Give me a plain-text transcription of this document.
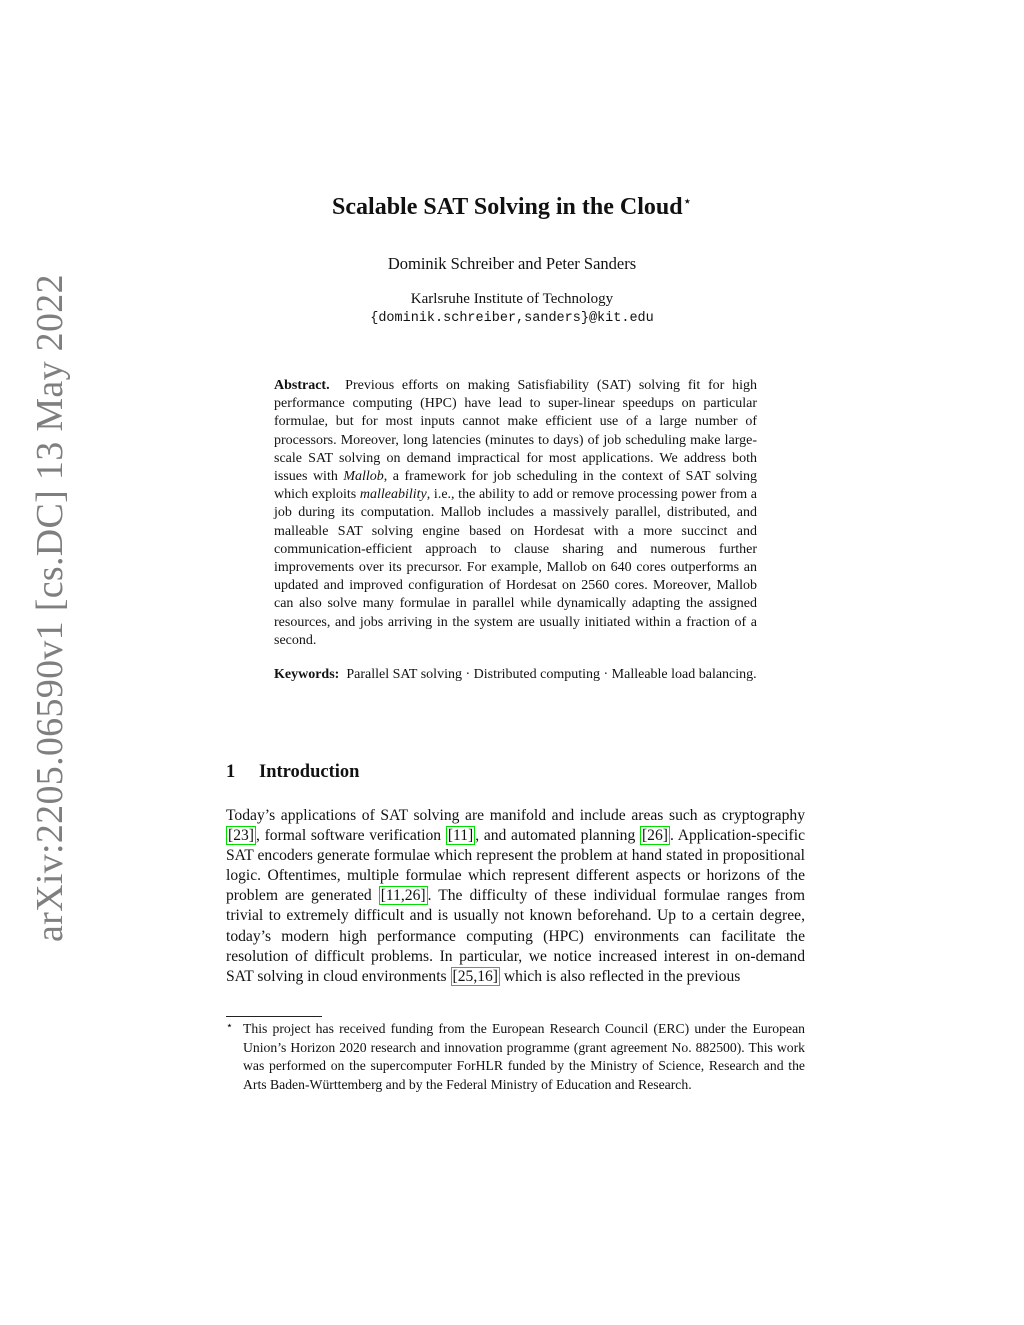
arXiv:2205.06590v1 [cs.DC] 13 May 2022
Scalable SAT Solving in the Cloud⋆
Dominik Schreiber and Peter Sanders
Karlsruhe Institute of Technology
{dominik.schreiber,sanders}@kit.edu

Abstract. Previous efforts on making Satisfiability (SAT) solving fit for high performance computing (HPC) have lead to super-linear speedups on particular formulae, but for most inputs cannot make efficient use of a large number of processors. Moreover, long latencies (minutes to days) of job scheduling make large-scale SAT solving on demand impractical for most applications. We address both issues with Mallob, a framework for job scheduling in the context of SAT solving which exploits malleability, i.e., the ability to add or remove processing power from a job during its computation. Mallob includes a massively parallel, distributed, and malleable SAT solving engine based on Hordesat with a more succinct and communication-efficient approach to clause sharing and numerous further improvements over its precursor. For example, Mallob on 640 cores outperforms an updated and improved configuration of Hordesat on 2560 cores. Moreover, Mallob can also solve many formulae in parallel while dynamically adapting the assigned resources, and jobs arriving in the system are usually initiated within a fraction of a second.

Keywords: Parallel SAT solving · Distributed computing · Malleable load balancing.

1 Introduction

Today’s applications of SAT solving are manifold and include areas such as cryptography [23] , formal software verification [11] , and automated planning [26] . Application-specific SAT encoders generate formulae which represent the problem at hand stated in propositional logic. Oftentimes, multiple formulae which represent different aspects or horizons of the problem are generated [11,26] . The difficulty of these individual formulae ranges from trivial to extremely difficult and is usually not known beforehand. Up to a certain degree, today’s modern high performance computing (HPC) environments can facilitate the resolution of difficult problems. In particular, we notice increased interest in on-demand SAT solving in cloud environments [25,16] which is also reflected in the previous

⋆ This project has received funding from the European Research Council (ERC) under the European Union’s Horizon 2020 research and innovation programme (grant agreement No. 882500). This work was performed on the supercomputer ForHLR funded by the Ministry of Science, Research and the Arts Baden-Württemberg and by the Federal Ministry of Education and Research.
